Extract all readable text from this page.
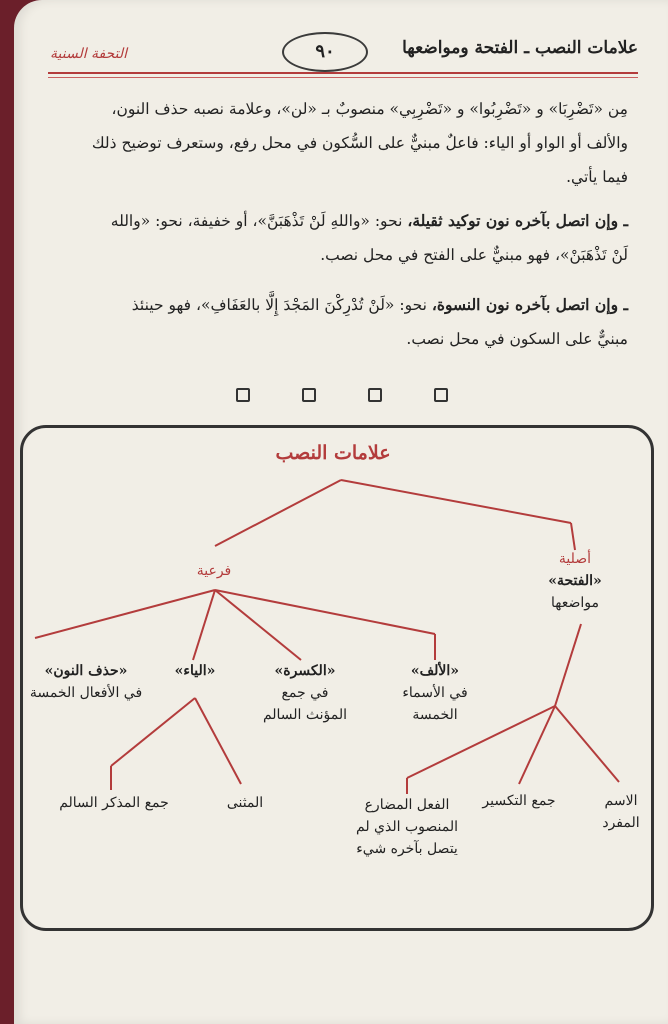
علامات النصب ـ الفتحة ومواضعها
٩٠
التحفة السنية
مِن «تَضْرِبَا» و «تَضْرِبُوا» و «تَضْرِبِي» منصوبٌ بـ «لن»، وعلامة نصبه حذف النون،
والألف أو الواو أو الياء: فاعلٌ مبنيٌّ على السُّكون في محل رفع، وستعرف توضيح ذلك
فيما يأتي.
ـ وإن اتصل بآخره نون توكيد ثقيلة، نحو: «واللهِ لَنْ تَذْهَبَنَّ»، أو خفيفة، نحو: «والله
لَنْ تَذْهَبَنْ»، فهو مبنيٌّ على الفتح في محل نصب.
ـ وإن اتصل بآخره نون النسوة، نحو: «لَنْ تُدْرِكْنَ المَجْدَ إِلَّا بالعَفَافِ»، فهو حينئذ
مبنيٌّ على السكون في محل نصب.
علامات النصب
أصلية
«الفتحة»
مواضعها
فرعية
«الألف»
في الأسماء
الخمسة
«الكسرة»
في جمع
المؤنث السالم
«الياء»
«حذف النون»
في الأفعال الخمسة
المثنى
جمع المذكر السالم	الاسم المفرد
جمع التكسير
الفعل المضارع المنصوب الذي لم يتصل بآخره شيء
